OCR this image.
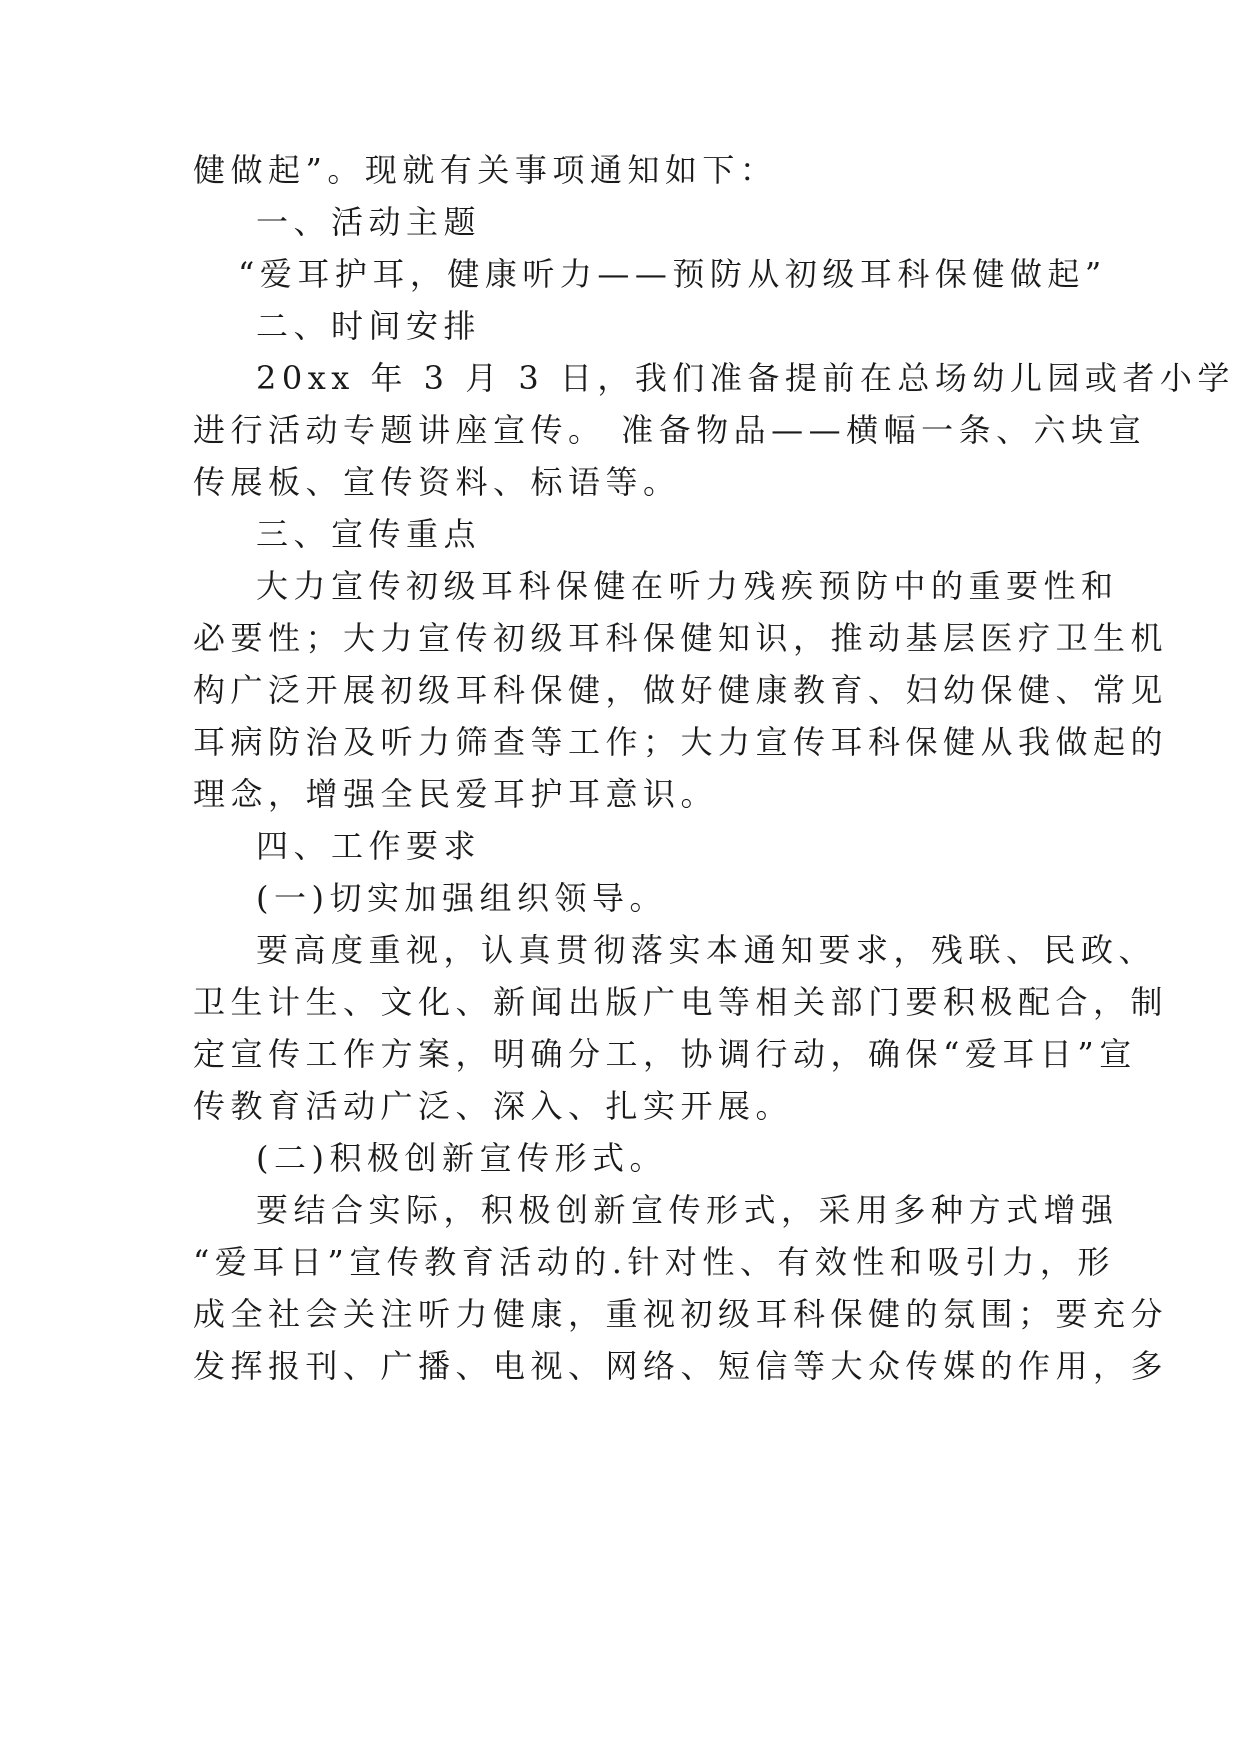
健做起”。现就有关事项通知如下：
一、活动主题
“爱耳护耳，健康听力——预防从初级耳科保健做起”
二、时间安排
20xx 年 3 月 3 日，我们准备提前在总场幼儿园或者小学
进行活动专题讲座宣传。 准备物品——横幅一条、六块宣
传展板、宣传资料、标语等。
三、宣传重点
大力宣传初级耳科保健在听力残疾预防中的重要性和
必要性；大力宣传初级耳科保健知识，推动基层医疗卫生机
构广泛开展初级耳科保健，做好健康教育、妇幼保健、常见
耳病防治及听力筛查等工作；大力宣传耳科保健从我做起的
理念，增强全民爱耳护耳意识。
四、工作要求
(一)切实加强组织领导。
要高度重视，认真贯彻落实本通知要求，残联、民政、
卫生计生、文化、新闻出版广电等相关部门要积极配合，制
定宣传工作方案，明确分工，协调行动，确保“爱耳日”宣
传教育活动广泛、深入、扎实开展。
(二)积极创新宣传形式。
要结合实际，积极创新宣传形式，采用多种方式增强
“爱耳日”宣传教育活动的.针对性、有效性和吸引力，形
成全社会关注听力健康，重视初级耳科保健的氛围；要充分
发挥报刊、广播、电视、网络、短信等大众传媒的作用，多
